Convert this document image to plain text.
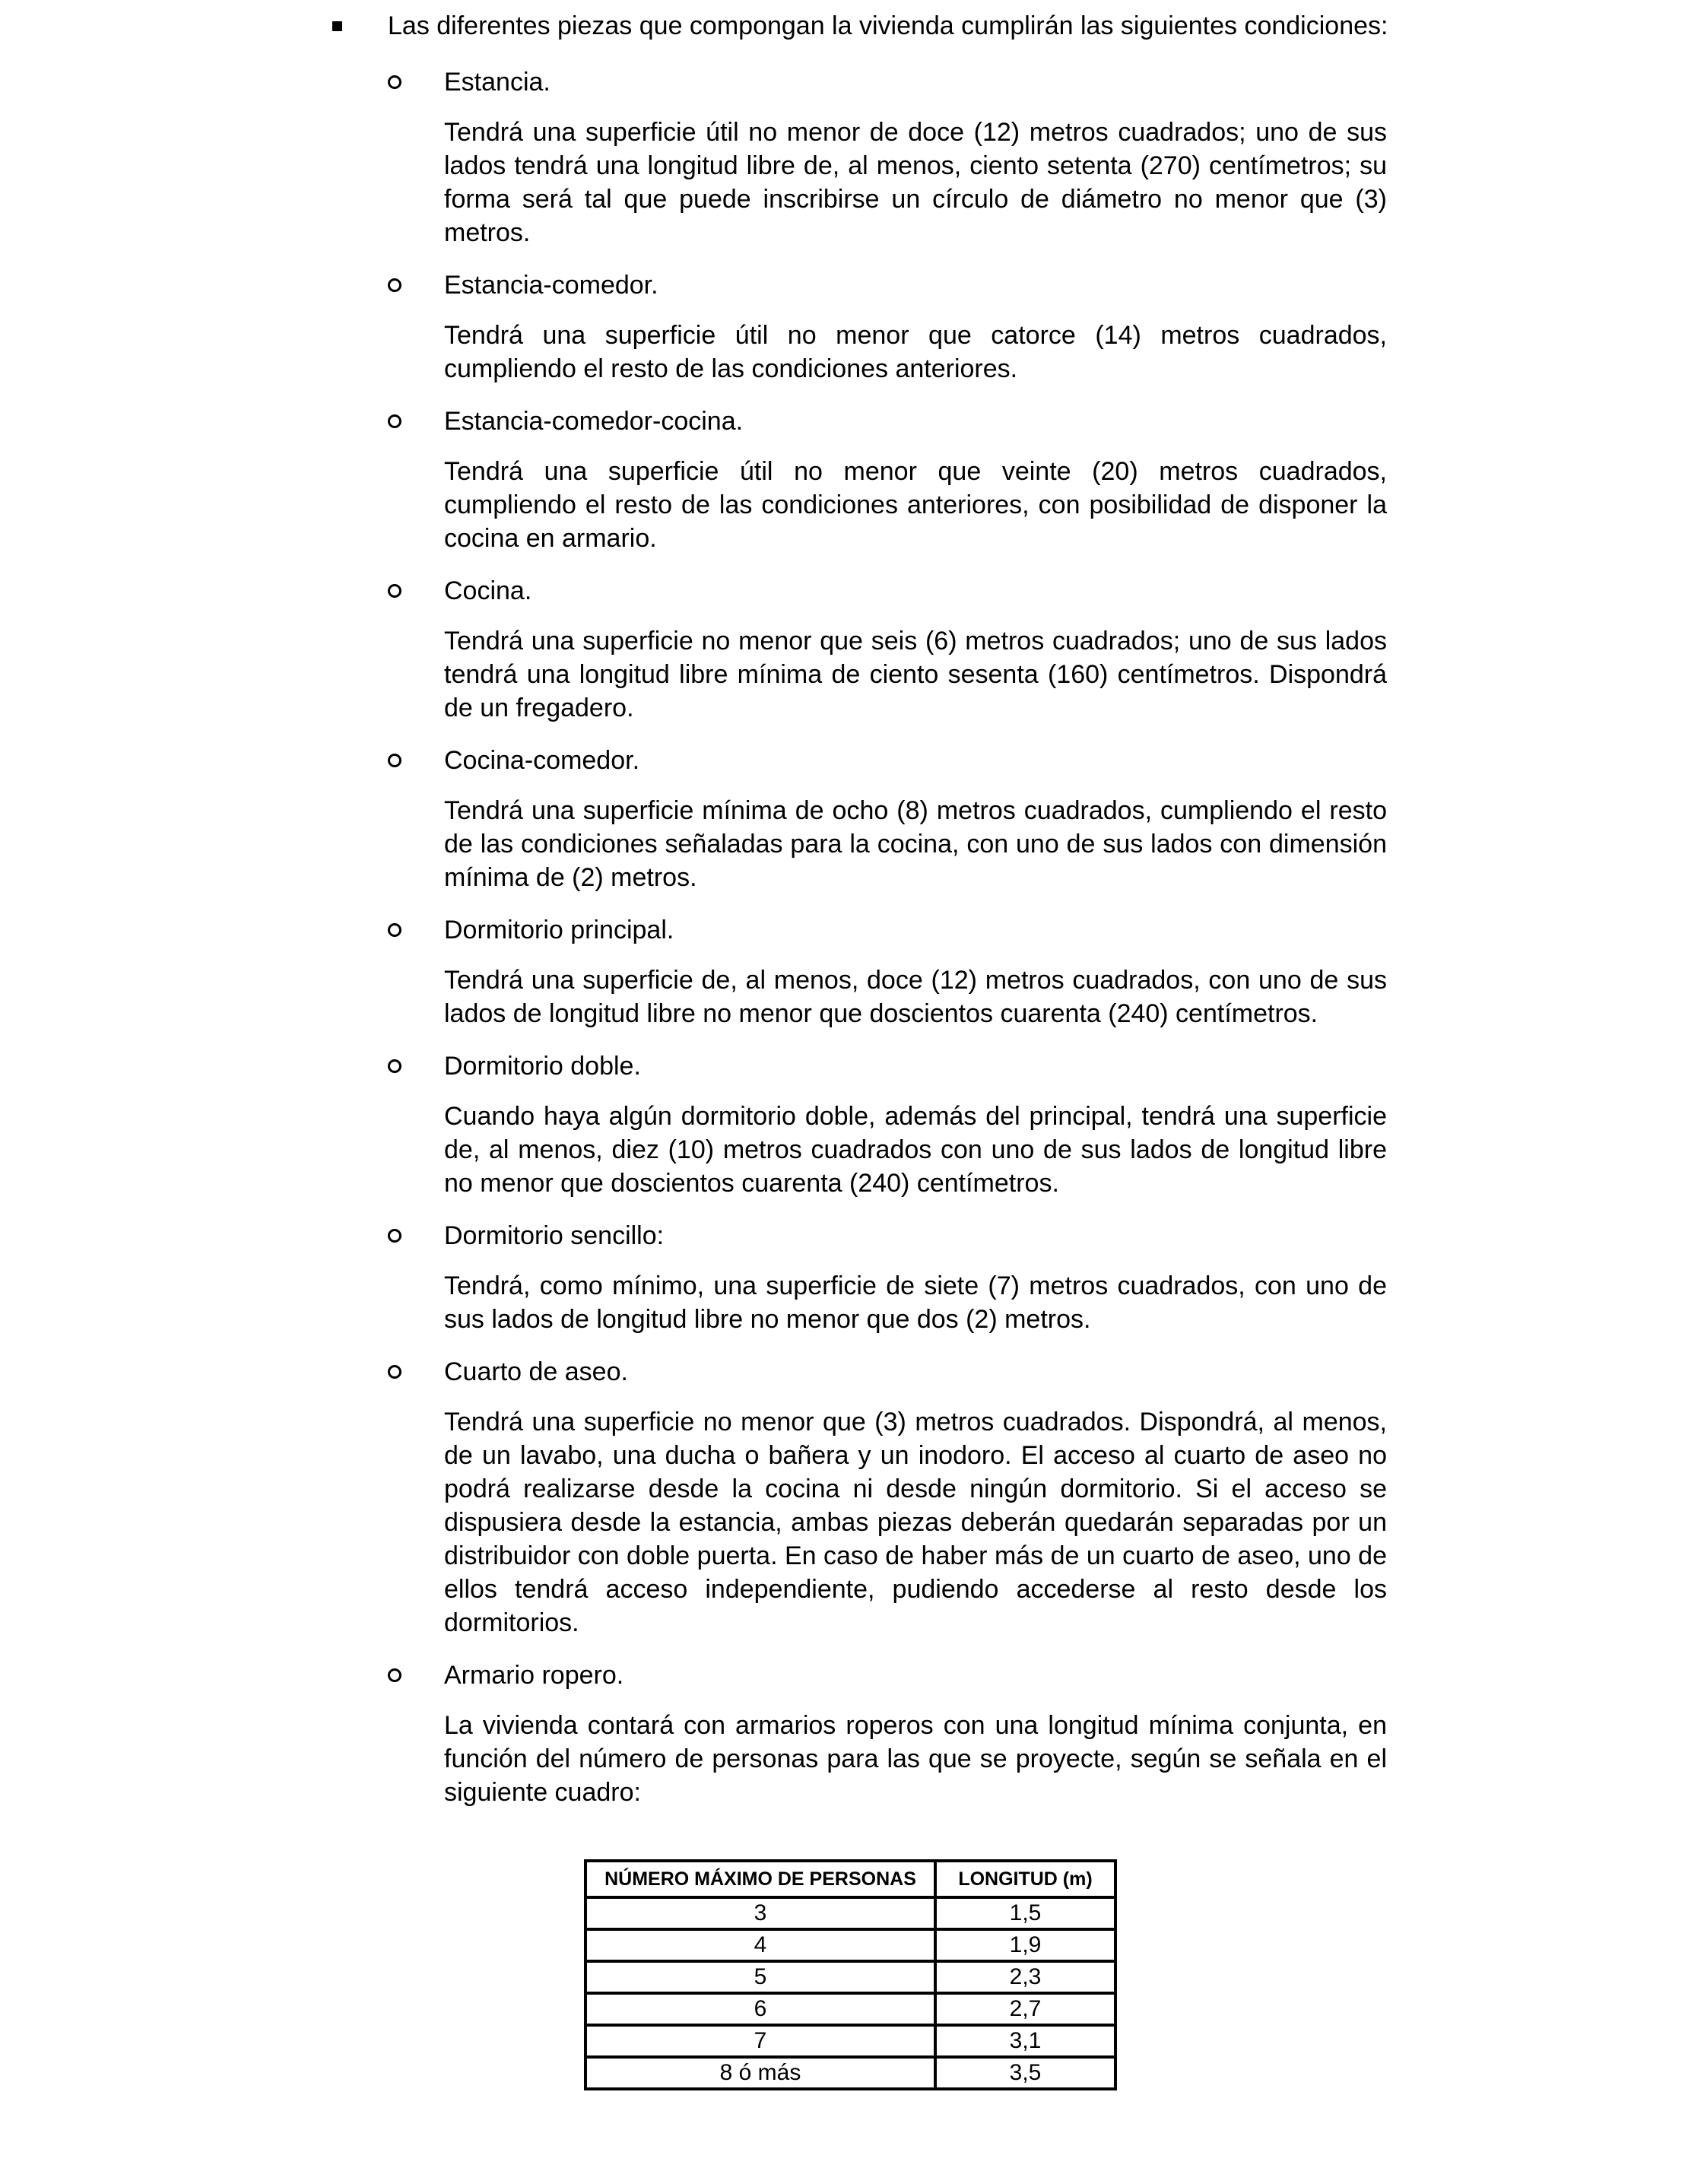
Las diferentes piezas que compongan la vivienda cumplirán las siguientes condiciones:
Estancia.
Tendrá una superficie útil no menor de doce (12) metros cuadrados; uno de sus lados tendrá una longitud libre de, al menos, ciento setenta (270) centímetros; su forma será tal que puede inscribirse un círculo de diámetro no menor que (3) metros.
Estancia-comedor.
Tendrá una superficie útil no menor que catorce (14) metros cuadrados, cumpliendo el resto de las condiciones anteriores.
Estancia-comedor-cocina.
Tendrá una superficie útil no menor que veinte (20) metros cuadrados, cumpliendo el resto de las condiciones anteriores, con posibilidad de disponer la cocina en armario.
Cocina.
Tendrá una superficie no menor que seis (6) metros cuadrados; uno de sus lados tendrá una longitud libre mínima de ciento sesenta (160) centímetros. Dispondrá de un fregadero.
Cocina-comedor.
Tendrá una superficie mínima de ocho (8) metros cuadrados, cumpliendo el resto de las condiciones señaladas para la cocina, con uno de sus lados con dimensión mínima de (2) metros.
Dormitorio principal.
Tendrá una superficie de, al menos, doce (12) metros cuadrados, con uno de sus lados de longitud libre no menor que doscientos cuarenta (240) centímetros.
Dormitorio doble.
Cuando haya algún dormitorio doble, además del principal, tendrá una superficie de, al menos, diez (10) metros cuadrados con uno de sus lados de longitud libre no menor que doscientos cuarenta (240) centímetros.
Dormitorio sencillo:
Tendrá, como mínimo, una superficie de siete (7) metros cuadrados, con uno de sus lados de longitud libre no menor que dos (2) metros.
Cuarto de aseo.
Tendrá una superficie no menor que (3) metros cuadrados. Dispondrá, al menos, de un lavabo, una ducha o bañera y un inodoro. El acceso al cuarto de aseo no podrá realizarse desde la cocina ni desde ningún dormitorio. Si el acceso se dispusiera desde la estancia, ambas piezas deberán quedarán separadas por un distribuidor con doble puerta. En caso de haber más de un cuarto de aseo, uno de ellos tendrá acceso independiente, pudiendo accederse al resto desde los dormitorios.
Armario ropero.
La vivienda contará con armarios roperos con una longitud mínima conjunta, en función del número de personas para las que se proyecte, según se señala en el siguiente cuadro:
NÚMERO MÁXIMO DE PERSONAS	LONGITUD (m)
3	1,5
4	1,9
5	2,3
6	2,7
7	3,1
8 ó más	3,5
